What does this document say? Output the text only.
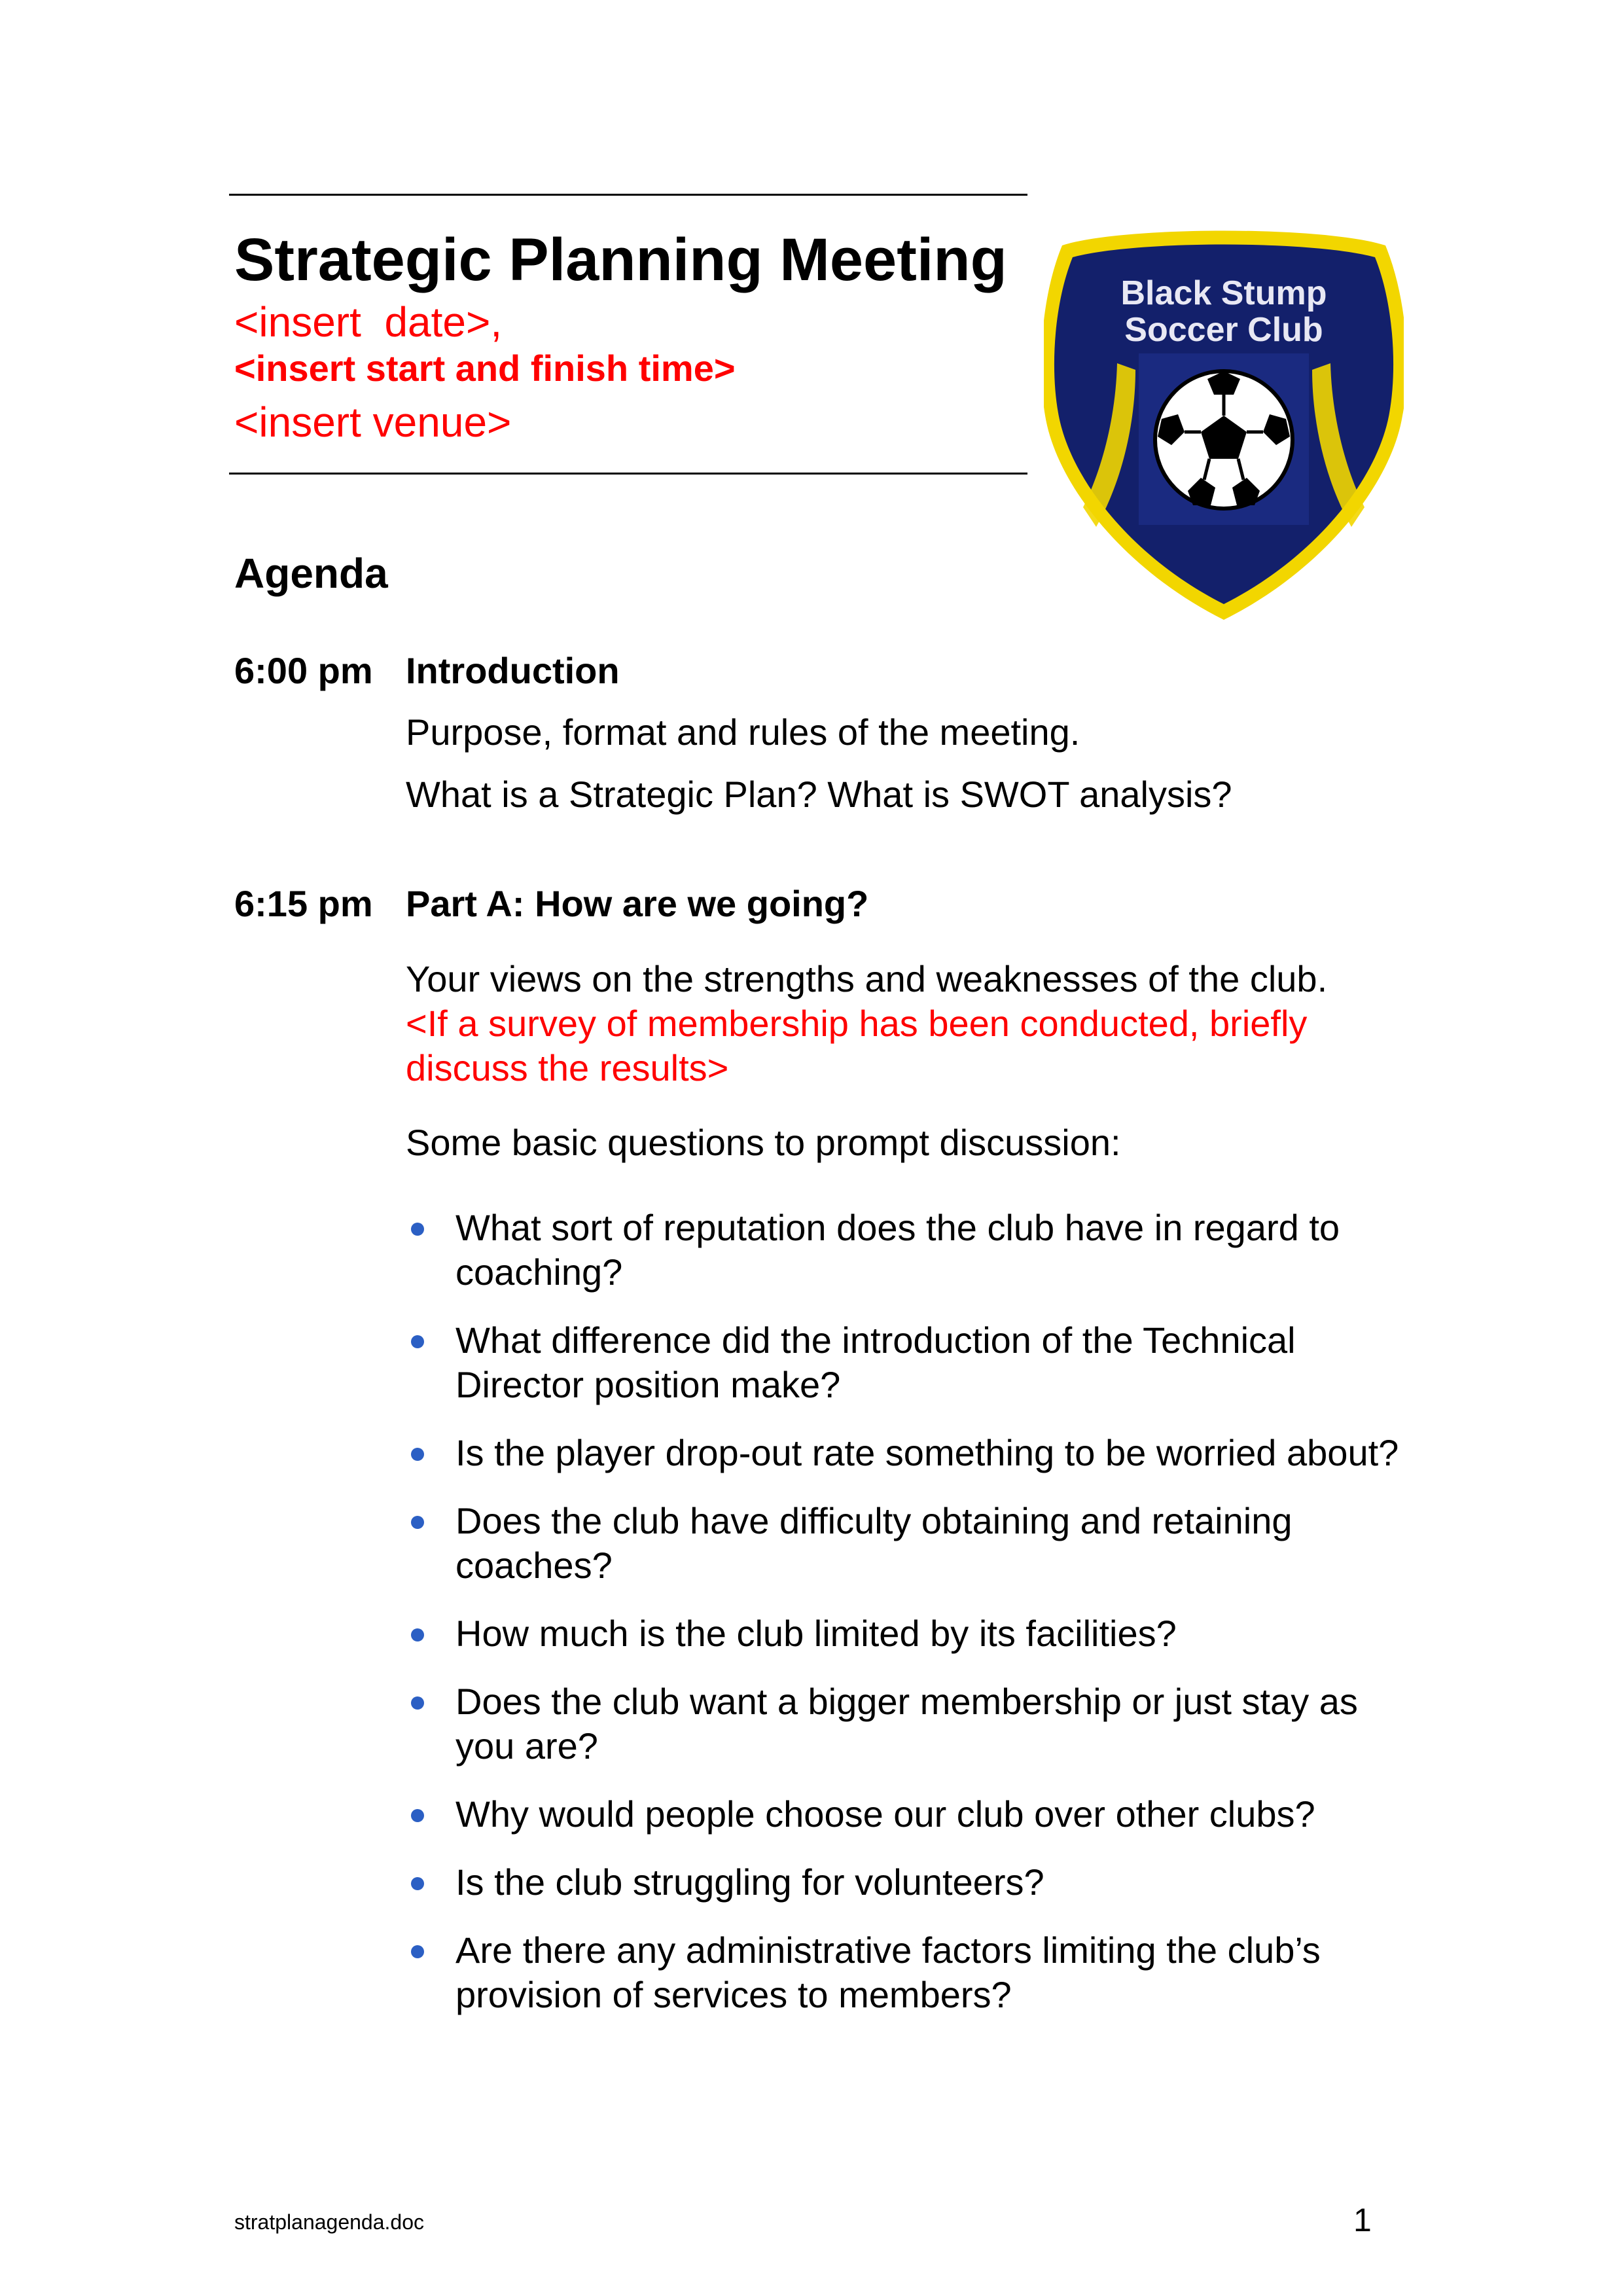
Strategic Planning Meeting
<insert  date>,
<insert start and finish time>
<insert venue>
Black Stump
Soccer Club
Agenda
6:00 pm Introduction
Purpose, format and rules of the meeting.
What is a Strategic Plan? What is SWOT analysis?
6:15 pm Part A: How are we going?
Your views on the strengths and weaknesses of the club.
<If a survey of membership has been conducted, briefly discuss the results>
Some basic questions to prompt discussion:
What sort of reputation does the club have in regard to coaching?
What difference did the introduction of the Technical Director position make?
Is the player drop-out rate something to be worried about?
Does the club have difficulty obtaining and retaining coaches?
How much is the club limited by its facilities?
Does the club want a bigger membership or just stay as you are?
Why would people choose our club over other clubs?
Is the club struggling for volunteers?
Are there any administrative factors limiting the club’s provision of services to members?
stratplanagenda.doc	1
